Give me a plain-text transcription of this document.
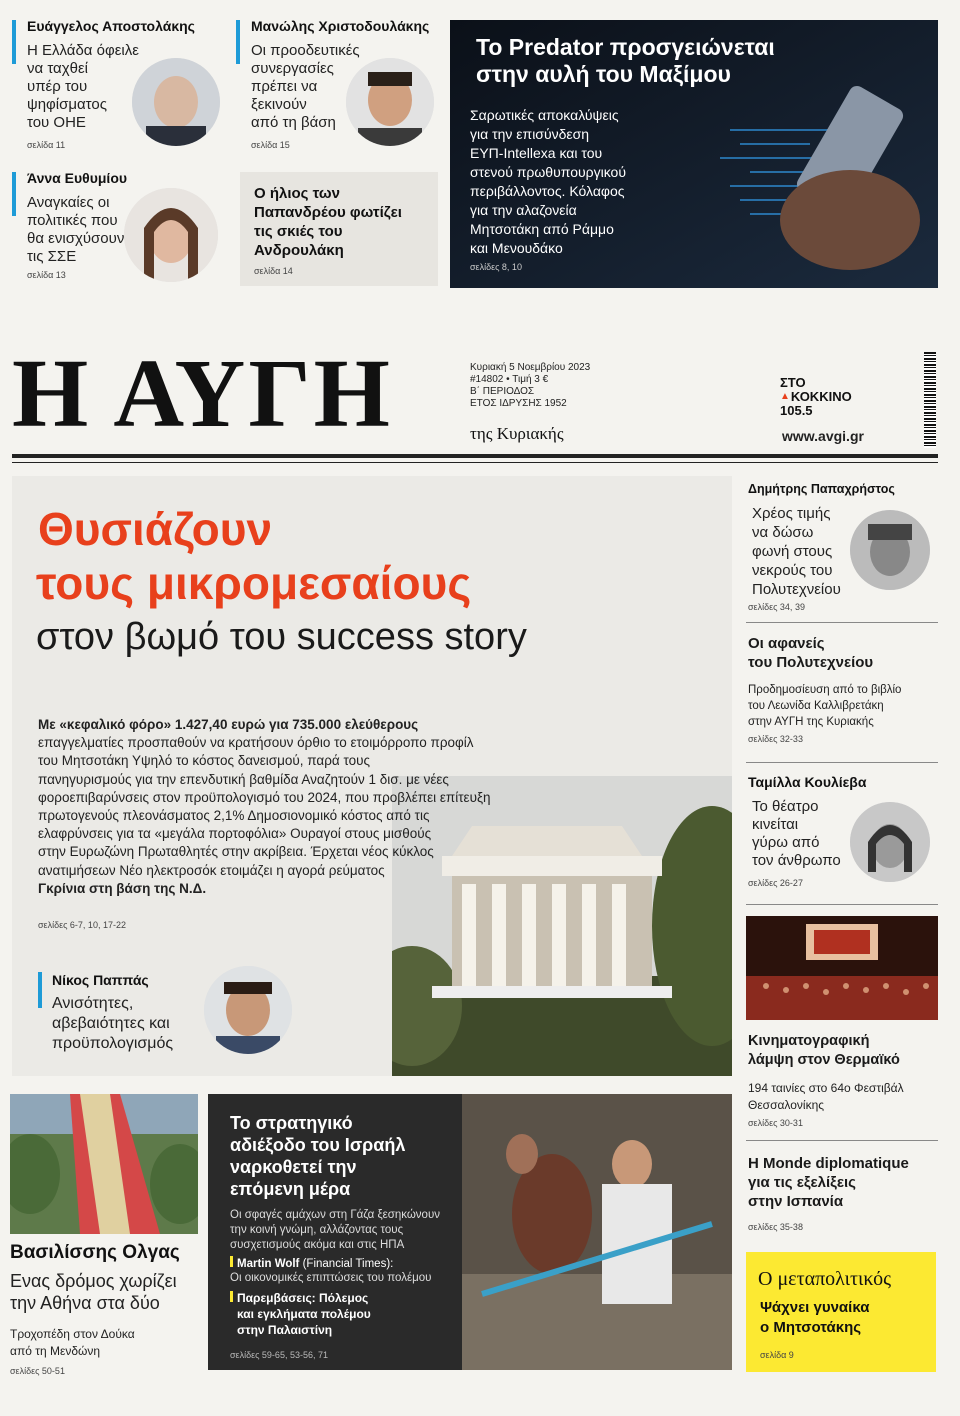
Ευάγγελος Αποστολάκης
Η Ελλάδα όφειλε
να ταχθεί
υπέρ του
ψηφίσματος
του ΟΗΕ
σελίδα 11
Μανώλης Χριστοδουλάκης
Οι προοδευτικές
συνεργασίες
πρέπει να
ξεκινούν
από τη βάση
σελίδα 15
Άννα Ευθυμίου
Αναγκαίες οι
πολιτικές που
θα ενισχύσουν
τις ΣΣΕ
σελίδα 13
Ο ήλιος των
Παπανδρέου φωτίζει
τις σκιές του
Ανδρουλάκη
σελίδα 14
Το Predator προσγειώνεται
στην αυλή του Μαξίμου
Σαρωτικές αποκαλύψεις
για την επισύνδεση
ΕΥΠ-Intellexa και του
στενού πρωθυπουργικού
περιβάλλοντος. Κόλαφος
για την αλαζονεία
Μητσοτάκη από Ράμμο
και Μενουδάκο
σελίδες 8, 10
Η ΑΥΓΗ	Κυριακή 5 Νοεμβρίου 2023
#14802 • Τιμή 3 €
Β΄ ΠΕΡΙΟΔΟΣ
ΕΤΟΣ ΙΔΡΥΣΗΣ 1952
της Κυριακής
ΣΤΟ
▲ ΚΟΚΚΙΝΟ
105.5
www.avgi.gr
Θυσιάζουν
τους μικρομεσαίους
στον βωμό του success story
Με «κεφαλικό φόρο» 1.427,40 ευρώ για 735.000 ελεύθερους
επαγγελματίες προσπαθούν να κρατήσουν όρθιο το ετοιμόρροπο προφίλ
του Μητσοτάκη Υψηλό το κόστος δανεισμού, παρά τους
πανηγυρισμούς για την επενδυτική βαθμίδα Αναζητούν 1 δισ. με νέες
φοροεπιβαρύνσεις στον προϋπολογισμό του 2024, που προβλέπει επίτευξη
πρωτογενούς πλεονάσματος 2,1% Δημοσιονομικό κόστος από τις
ελαφρύνσεις για τα «μεγάλα πορτοφόλια» Ουραγοί στους μισθούς
στην Ευρωζώνη Πρωταθλητές στην ακρίβεια. Έρχεται νέος κύκλος
ανατιμήσεων Νέο ηλεκτροσόκ ετοιμάζει η αγορά ρεύματος
Γκρίνια στη βάση της Ν.Δ.
σελίδες 6-7, 10, 17-22
Νίκος Παππάς
Ανισότητες,
αβεβαιότητες και
προϋπολογισμός
Δημήτρης Παπαχρήστος
Χρέος τιμής
να δώσω
φωνή στους
νεκρούς του
Πολυτεχνείου
σελίδες 34, 39
Οι αφανείς
του Πολυτεχνείου
Προδημοσίευση από το βιβλίο
του Λεωνίδα Καλλιβρετάκη
στην ΑΥΓΗ της Κυριακής
σελίδες 32-33
Ταμίλλα Κουλίεβα
Το θέατρο
κινείται
γύρω από
τον άνθρωπο
σελίδες 26-27
Κινηματογραφική
λάμψη στον Θερμαϊκό
194 ταινίες στο 64ο Φεστιβάλ
Θεσσαλονίκης
σελίδες 30-31
Η Monde diplomatique
για τις εξελίξεις
στην Ισπανία
σελίδες 35-38
Ο μεταπολιτικός
Ψάχνει γυναίκα
ο Μητσοτάκης
σελίδα 9
Βασιλίσσης Ολγας
Ενας δρόμος χωρίζει
την Αθήνα στα δύο
Τροχοπέδη στον Δούκα
από τη Μενδώνη
σελίδες 50-51
Το στρατηγικό
αδιέξοδο του Ισραήλ
ναρκοθετεί την
επόμενη μέρα
Οι σφαγές αμάχων στη Γάζα ξεσηκώνουν
την κοινή γνώμη, αλλάζοντας τους
συσχετισμούς ακόμα και στις ΗΠΑ
Martin Wolf (Financial Times):
Οι οικονομικές επιπτώσεις του πολέμου
Παρεμβάσεις: Πόλεμος
και εγκλήματα πολέμου
στην Παλαιστίνη
σελίδες 59-65, 53-56, 71
